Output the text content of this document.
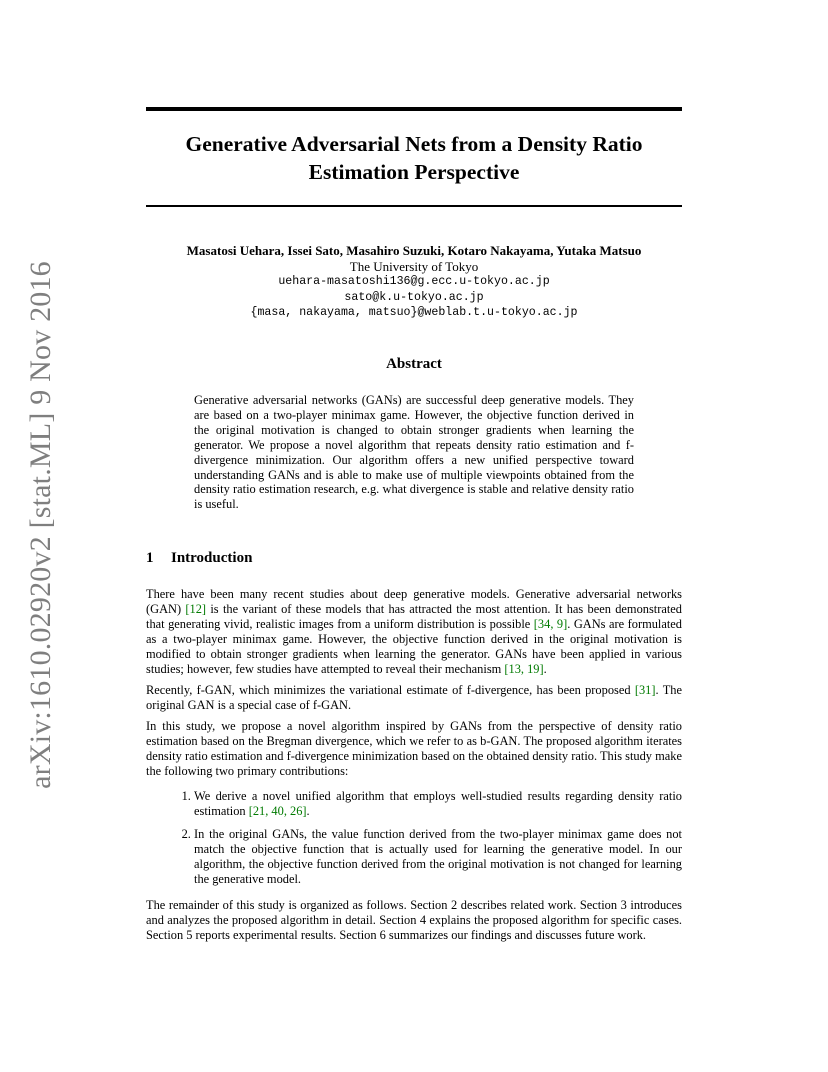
arXiv:1610.02920v2 [stat.ML] 9 Nov 2016
Generative Adversarial Nets from a Density Ratio Estimation Perspective
Masatosi Uehara, Issei Sato, Masahiro Suzuki, Kotaro Nakayama, Yutaka Matsuo
The University of Tokyo
uehara-masatoshi136@g.ecc.u-tokyo.ac.jp
sato@k.u-tokyo.ac.jp
{masa, nakayama, matsuo}@weblab.t.u-tokyo.ac.jp
Abstract
Generative adversarial networks (GANs) are successful deep generative models. They are based on a two-player minimax game. However, the objective function derived in the original motivation is changed to obtain stronger gradients when learning the generator. We propose a novel algorithm that repeats density ratio estimation and f-divergence minimization. Our algorithm offers a new unified perspective toward understanding GANs and is able to make use of multiple viewpoints obtained from the density ratio estimation research, e.g. what divergence is stable and relative density ratio is useful.
1 Introduction

There have been many recent studies about deep generative models. Generative adversarial networks (GAN) [12] is the variant of these models that has attracted the most attention. It has been demonstrated that generating vivid, realistic images from a uniform distribution is possible [34, 9]. GANs are formulated as a two-player minimax game. However, the objective function derived in the original motivation is modified to obtain stronger gradients when learning the generator. GANs have been applied in various studies; however, few studies have attempted to reveal their mechanism [13, 19].

Recently, f-GAN, which minimizes the variational estimate of f-divergence, has been proposed [31]. The original GAN is a special case of f-GAN.

In this study, we propose a novel algorithm inspired by GANs from the perspective of density ratio estimation based on the Bregman divergence, which we refer to as b-GAN. The proposed algorithm iterates density ratio estimation and f-divergence minimization based on the obtained density ratio. This study make the following two primary contributions:

1. We derive a novel unified algorithm that employs well-studied results regarding density ratio estimation [21, 40, 26].
2. In the original GANs, the value function derived from the two-player minimax game does not match the objective function that is actually used for learning the generative model. In our algorithm, the objective function derived from the original motivation is not changed for learning the generative model.

The remainder of this study is organized as follows. Section 2 describes related work. Section 3 introduces and analyzes the proposed algorithm in detail. Section 4 explains the proposed algorithm for specific cases. Section 5 reports experimental results. Section 6 summarizes our findings and discusses future work.
